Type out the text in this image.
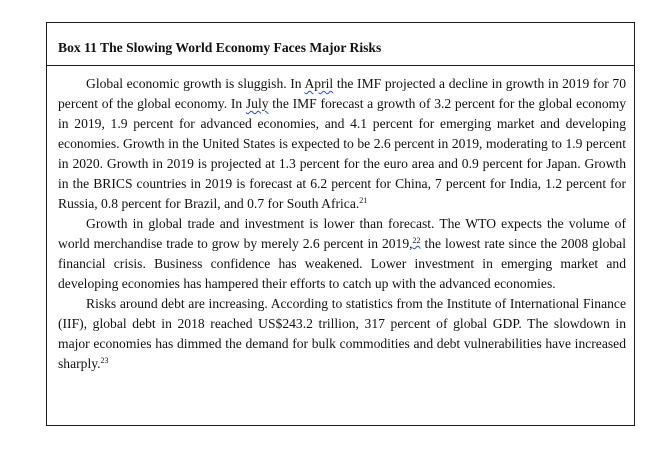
Box 11 The Slowing World Economy Faces Major Risks

Global economic growth is sluggish. In April the IMF projected a decline in growth in 2019 for 70 percent of the global economy. In July the IMF forecast a growth of 3.2 percent for the global economy in 2019, 1.9 percent for advanced economies, and 4.1 percent for emerging market and developing economies. Growth in the United States is expected to be 2.6 percent in 2019, moderating to 1.9 percent in 2020. Growth in 2019 is projected at 1.3 percent for the euro area and 0.9 percent for Japan. Growth in the BRICS countries in 2019 is forecast at 6.2 percent for China, 7 percent for India, 1.2 percent for Russia, 0.8 percent for Brazil, and 0.7 for South Africa.$^{21}$

Growth in global trade and investment is lower than forecast. The WTO expects the volume of world merchandise trade to grow by merely 2.6 percent in 2019,22 the lowest rate since the 2008 global financial crisis. Business confidence has weakened. Lower investment in emerging market and developing economies has hampered their efforts to catch up with the advanced economies.

Risks around debt are increasing. According to statistics from the Institute of International Finance (IIF), global debt in 2018 reached US$243.2 trillion, 317 percent of global GDP. The slowdown in major economies has dimmed the demand for bulk commodities and debt vulnerabilities have increased sharply.$^{23}$
